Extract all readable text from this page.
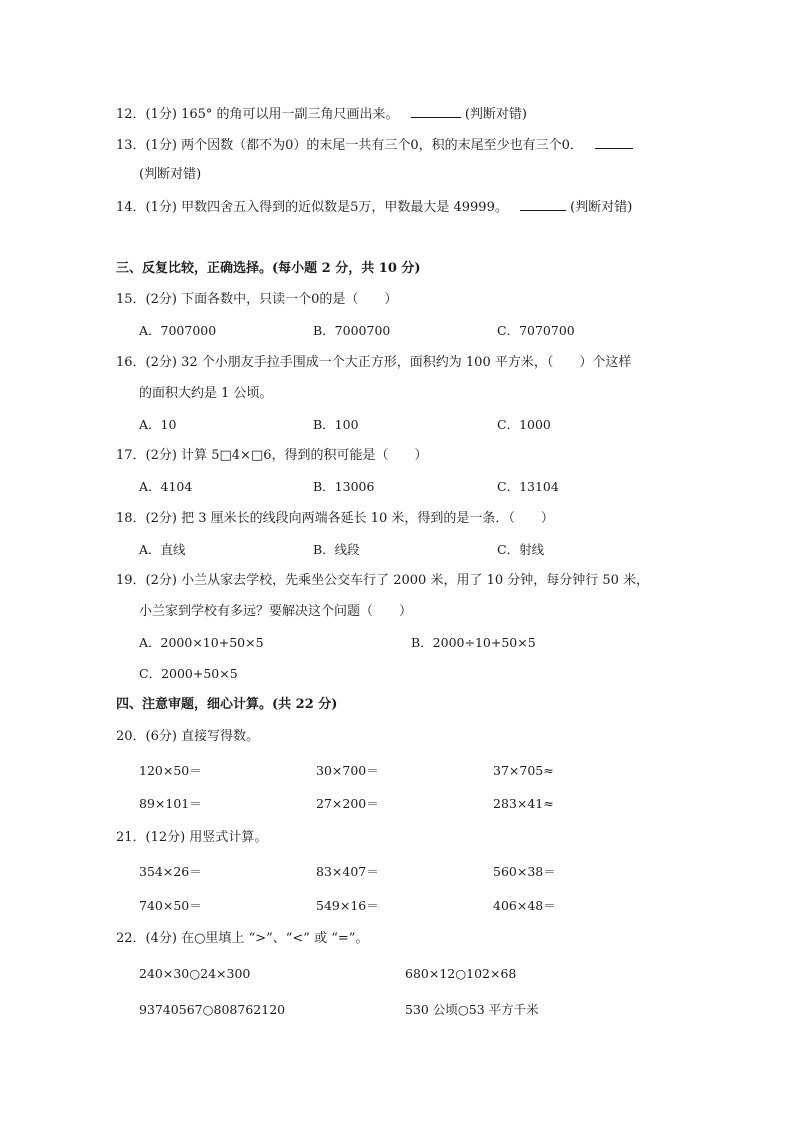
12．(1分) 165° 的角可以用一副三角尺画出来。	(判断对错)
13．(1分) 两个因数（都不为0）的末尾一共有三个0，积的末尾至少也有三个0．
(判断对错)
14．(1分) 甲数四舍五入得到的近似数是5万，甲数最大是 49999。	(判断对错)
三、反复比较，正确选择。(每小题 2 分，共 10 分)
15．(2分) 下面各数中，只读一个0的是（　　）
A．7007000	B．7000700	C．7070700
16．(2分) 32 个小朋友手拉手围成一个大正方形，面积约为 100 平方米，（　　）个这样
的面积大约是 1 公顷。
A．10	B．100	C．1000
17．(2分) 计算 5□4×□6，得到的积可能是（　　）
A．4104	B．13006	C．13104
18．(2分) 把 3 厘米长的线段向两端各延长 10 米，得到的是一条．（　　）
A．直线	B．线段	C．射线
19．(2分) 小兰从家去学校，先乘坐公交车行了 2000 米，用了 10 分钟，每分钟行 50 米，
小兰家到学校有多远？要解决这个问题（　　）
A．2000×10+50×5	B．2000÷10+50×5
C．2000+50×5
四、注意审题，细心计算。(共 22 分)
20．(6分) 直接写得数。
120×50＝	30×700＝	37×705≈
89×101＝	27×200＝	283×41≈
21．(12分) 用竖式计算。
354×26＝	83×407＝	560×38＝
740×50＝	549×16＝	406×48＝
22．(4分) 在○里填上 “>”、“<” 或 “=”。
240×30○24×300	680×12○102×68
93740567○808762120	530 公顷○53 平方千米
